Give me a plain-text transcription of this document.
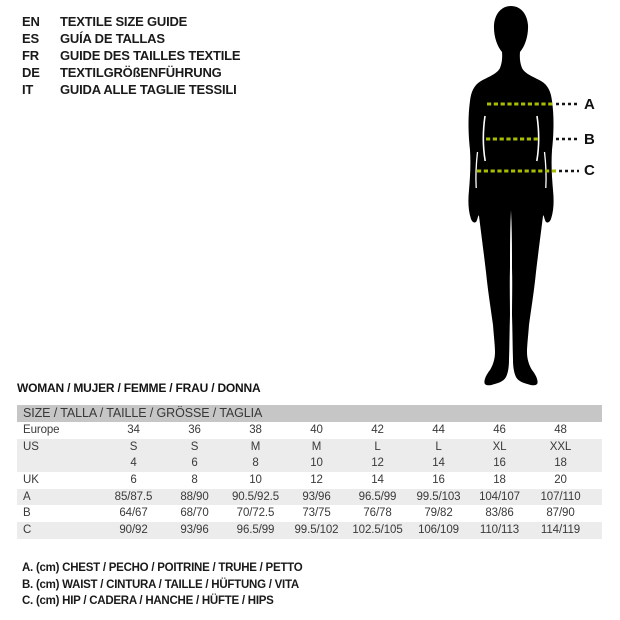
EN	TEXTILE SIZE GUIDE
ES	GUÍA DE TALLAS
FR	GUIDE DES TAILLES TEXTILE
DE	TEXTILGRÖßENFÜHRUNG
IT	GUIDA ALLE TAGLIE TESSILI
A
B
C
WOMAN / MUJER / FEMME / FRAU / DONNA
SIZE / TALLA / TAILLE / GRÖSSE / TAGLIA
Europe	34	36	38	40	42	44	46	48
US	S	S	M	M	L	L	XL	XXL
4	6	8	10	12	14	16	18
UK	6	8	10	12	14	16	18	20
A	85/87.5	88/90	90.5/92.5	93/96	96.5/99	99.5/103	104/107	107/110
B	64/67	68/70	70/72.5	73/75	76/78	79/82	83/86	87/90
C	90/92	93/96	96.5/99	99.5/102	102.5/105	106/109	110/113	114/119
A. (cm) CHEST / PECHO / POITRINE / TRUHE / PETTO
B. (cm) WAIST / CINTURA / TAILLE / HÜFTUNG / VITA
C. (cm) HIP / CADERA / HANCHE / HÜFTE / HIPS
